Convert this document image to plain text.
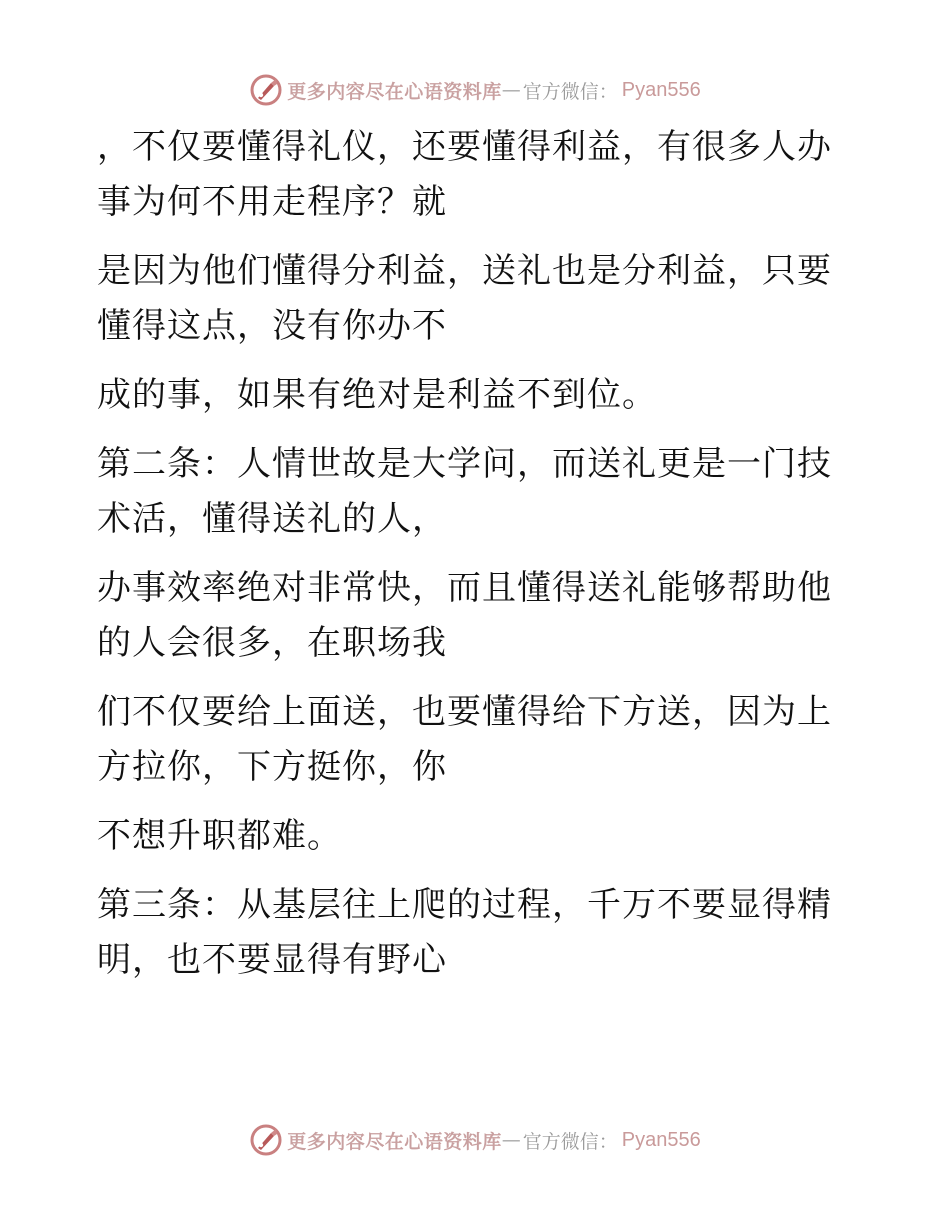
更多内容尽在心语资料库 — 官方微信： Pyan556

，不仅要懂得礼仪，还要懂得利益，有很多人办
事为何不用走程序？就

是因为他们懂得分利益，送礼也是分利益，只要
懂得这点，没有你办不

成的事，如果有绝对是利益不到位。

第二条：人情世故是大学问，而送礼更是一门技
术活，懂得送礼的人，

办事效率绝对非常快，而且懂得送礼能够帮助他
的人会很多，在职场我

们不仅要给上面送，也要懂得给下方送，因为上
方拉你，下方挺你，你

不想升职都难。

第三条：从基层往上爬的过程，千万不要显得精
明，也不要显得有野心

更多内容尽在心语资料库 — 官方微信： Pyan556
